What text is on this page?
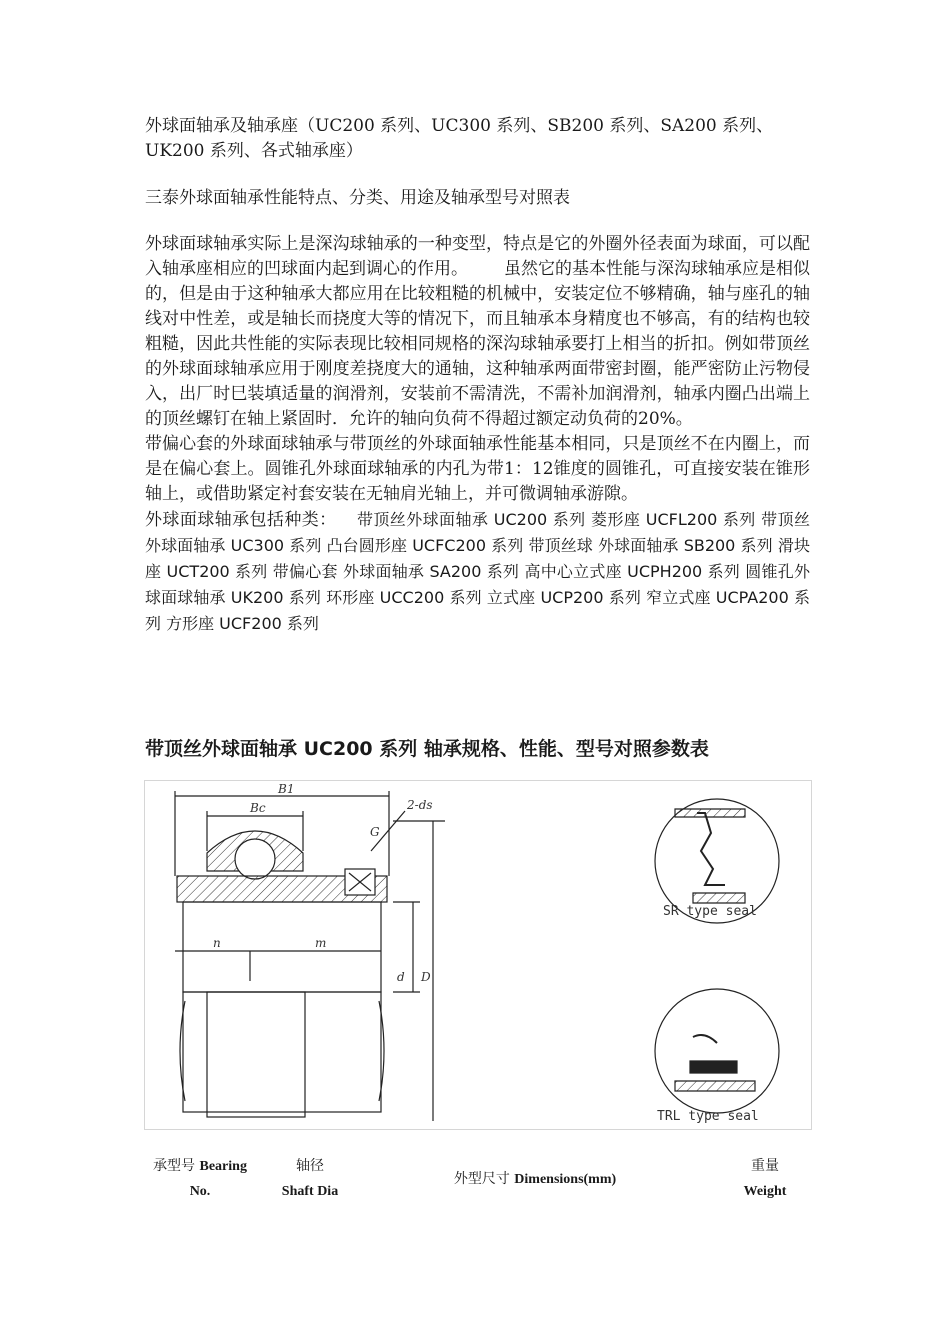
外球面轴承及轴承座（UC200 系列、UC300 系列、SB200 系列、SA200 系列、UK200 系列、各式轴承座）
三泰外球面轴承性能特点、分类、用途及轴承型号对照表
外球面球轴承实际上是深沟球轴承的一种变型，特点是它的外圈外径表面为球面，可以配入轴承座相应的凹球面内起到调心的作用。 虽然它的基本性能与深沟球轴承应是相似的，但是由于这种轴承大都应用在比较粗糙的机械中，安装定位不够精确，轴与座孔的轴线对中性差，或是轴长而挠度大等的情况下，而且轴承本身精度也不够高，有的结构也较粗糙，因此共性能的实际表现比较相同规格的深沟球轴承要打上相当的折扣。例如带顶丝的外球面球轴承应用于刚度差挠度大的通轴，这种轴承两面带密封圈，能严密防止污物侵入，出厂时巳装填适量的润滑剂，安装前不需清洗，不需补加润滑剂，轴承内圈凸出端上的顶丝螺钉在轴上紧固时．允许的轴向负荷不得超过额定动负荷的20%。
带偏心套的外球面球轴承与带顶丝的外球面轴承性能基本相同，只是顶丝不在内圈上，而是在偏心套上。圆锥孔外球面球轴承的内孔为带1：12锥度的圆锥孔，可直接安装在锥形轴上，或借助紧定衬套安装在无轴肩光轴上，并可微调轴承游隙。
外球面球轴承包括种类： 带顶丝外球面轴承 UC200 系列 菱形座 UCFL200 系列 带顶丝外球面轴承 UC300 系列 凸台圆形座 UCFC200 系列 带顶丝球 外球面轴承 SB200 系列 滑块座 UCT200 系列 带偏心套 外球面轴承 SA200 系列 高中心立式座 UCPH200 系列 圆锥孔外球面球轴承 UK200 系列 环形座 UCC200 系列 立式座 UCP200 系列 窄立式座 UCPA200 系列 方形座 UCF200 系列
带顶丝外球面轴承 UC200 系列 轴承规格、性能、型号对照参数表
B1
Bc
G
2-ds
n	m
d D
SR type seal
TRL type seal
承型号 Bearing
No.
轴径
Shaft Dia
外型尺寸 Dimensions(mm)
重量
Weight
